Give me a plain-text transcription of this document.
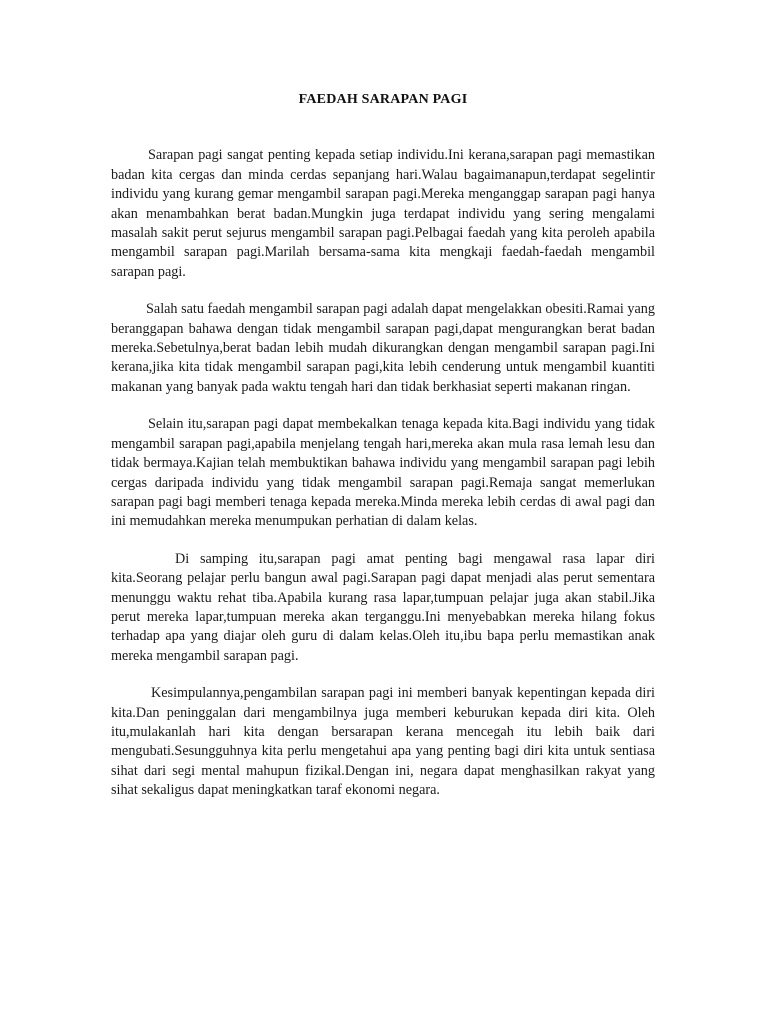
FAEDAH SARAPAN PAGI

Sarapan pagi sangat penting kepada setiap individu.Ini kerana,sarapan pagi memastikan badan kita cergas dan minda cerdas sepanjang hari.Walau bagaimanapun,terdapat segelintir individu yang kurang gemar mengambil sarapan pagi.Mereka menganggap sarapan pagi hanya akan menambahkan berat badan.Mungkin juga terdapat individu yang sering mengalami masalah sakit perut sejurus mengambil sarapan pagi.Pelbagai faedah yang kita peroleh apabila mengambil sarapan pagi.Marilah bersama-sama kita mengkaji faedah-faedah mengambil sarapan pagi.

Salah satu faedah mengambil sarapan pagi adalah dapat mengelakkan obesiti.Ramai yang beranggapan bahawa dengan tidak mengambil sarapan pagi,dapat mengurangkan berat badan mereka.Sebetulnya,berat badan lebih mudah dikurangkan dengan mengambil sarapan pagi.Ini kerana,jika kita tidak mengambil sarapan pagi,kita lebih cenderung untuk mengambil kuantiti makanan yang banyak pada waktu tengah hari dan tidak berkhasiat seperti makanan ringan.

Selain itu,sarapan pagi dapat membekalkan tenaga kepada kita.Bagi individu yang tidak mengambil sarapan pagi,apabila menjelang tengah hari,mereka akan mula rasa lemah lesu dan tidak bermaya.Kajian telah membuktikan bahawa individu yang mengambil sarapan pagi lebih cergas daripada individu yang tidak mengambil sarapan pagi.Remaja sangat memerlukan sarapan pagi bagi memberi tenaga kepada mereka.Minda mereka lebih cerdas di awal pagi dan ini memudahkan mereka menumpukan perhatian di dalam kelas.

Di samping itu,sarapan pagi amat penting bagi mengawal rasa lapar diri kita.Seorang pelajar perlu bangun awal pagi.Sarapan pagi dapat menjadi alas perut sementara menunggu waktu rehat tiba.Apabila kurang rasa lapar,tumpuan pelajar juga akan stabil.Jika perut mereka lapar,tumpuan mereka akan terganggu.Ini menyebabkan mereka hilang fokus terhadap apa yang diajar oleh guru di dalam kelas.Oleh itu,ibu bapa perlu memastikan anak mereka mengambil sarapan pagi.

Kesimpulannya,pengambilan sarapan pagi ini memberi banyak kepentingan kepada diri kita.Dan peninggalan dari mengambilnya juga memberi keburukan kepada diri kita. Oleh itu,mulakanlah hari kita dengan bersarapan kerana mencegah itu lebih baik dari mengubati.Sesungguhnya kita perlu mengetahui apa yang penting bagi diri kita untuk sentiasa sihat dari segi mental mahupun fizikal.Dengan ini, negara dapat menghasilkan rakyat yang sihat sekaligus dapat meningkatkan taraf ekonomi negara.
